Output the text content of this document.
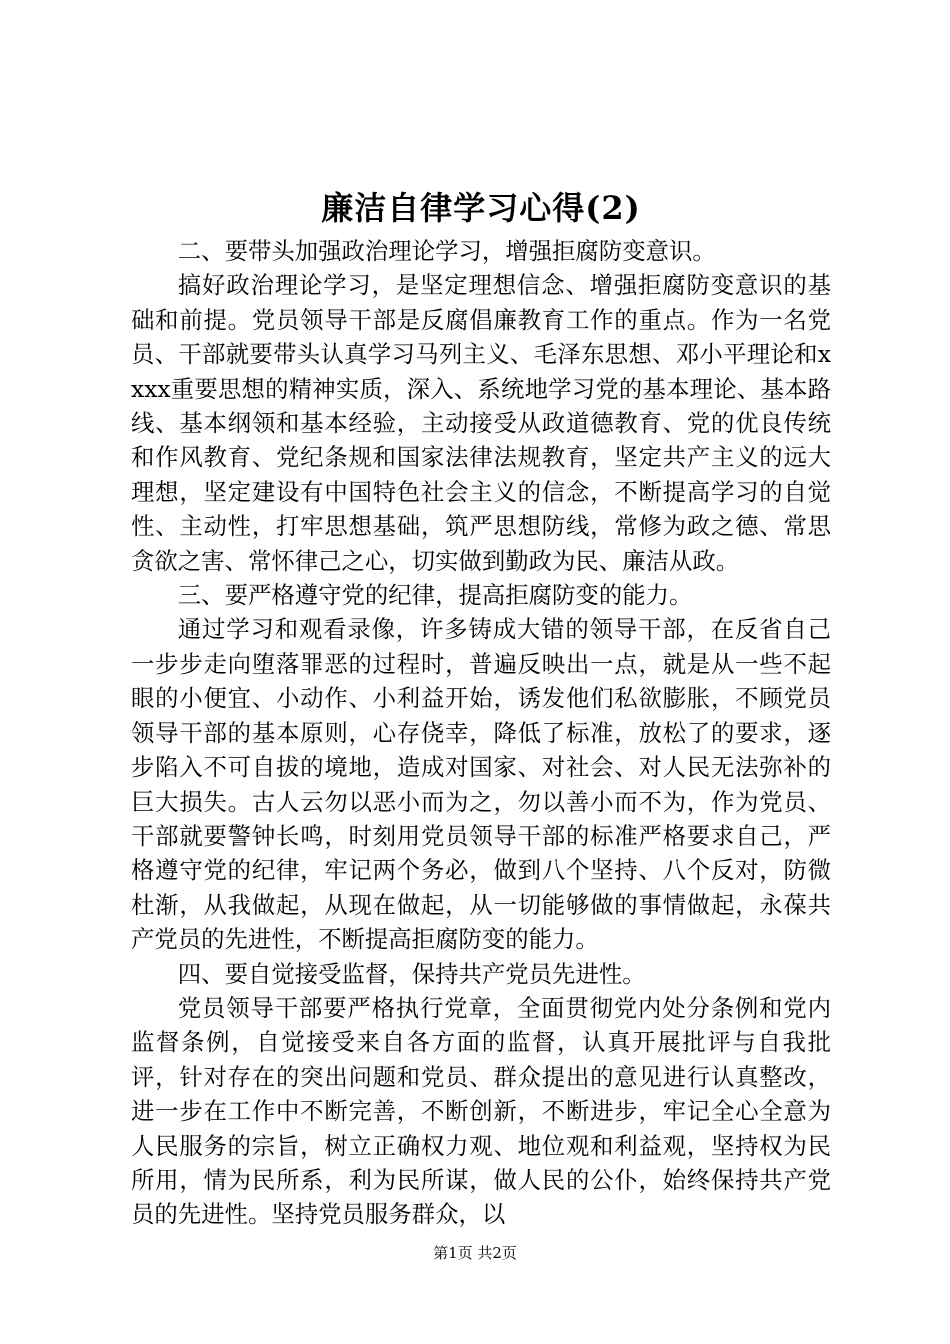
廉洁自律学习心得(2)

二、要带头加强政治理论学习，增强拒腐防变意识。

搞好政治理论学习，是坚定理想信念、增强拒腐防变意识的基础和前提。党员领导干部是反腐倡廉教育工作的重点。作为一名党员、干部就要带头认真学习马列主义、毛泽东思想、邓小平理论和xxxx重要思想的精神实质，深入、系统地学习党的基本理论、基本路线、基本纲领和基本经验，主动接受从政道德教育、党的优良传统和作风教育、党纪条规和国家法律法规教育，坚定共产主义的远大理想，坚定建设有中国特色社会主义的信念，不断提高学习的自觉性、主动性，打牢思想基础，筑严思想防线，常修为政之德、常思贪欲之害、常怀律己之心，切实做到勤政为民、廉洁从政。

三、要严格遵守党的纪律，提高拒腐防变的能力。

通过学习和观看录像，许多铸成大错的领导干部，在反省自己一步步走向堕落罪恶的过程时，普遍反映出一点，就是从一些不起眼的小便宜、小动作、小利益开始，诱发他们私欲膨胀，不顾党员领导干部的基本原则，心存侥幸，降低了标准，放松了的要求，逐步陷入不可自拔的境地，造成对国家、对社会、对人民无法弥补的巨大损失。古人云勿以恶小而为之，勿以善小而不为，作为党员、干部就要警钟长鸣，时刻用党员领导干部的标准严格要求自己，严格遵守党的纪律，牢记两个务必，做到八个坚持、八个反对，防微杜渐，从我做起，从现在做起，从一切能够做的事情做起，永葆共产党员的先进性，不断提高拒腐防变的能力。

四、要自觉接受监督，保持共产党员先进性。

党员领导干部要严格执行党章，全面贯彻党内处分条例和党内监督条例，自觉接受来自各方面的监督，认真开展批评与自我批评，针对存在的突出问题和党员、群众提出的意见进行认真整改，进一步在工作中不断完善，不断创新，不断进步，牢记全心全意为人民服务的宗旨，树立正确权力观、地位观和利益观，坚持权为民所用，情为民所系，利为民所谋，做人民的公仆，始终保持共产党员的先进性。坚持党员服务群众，以

第1页 共2页
